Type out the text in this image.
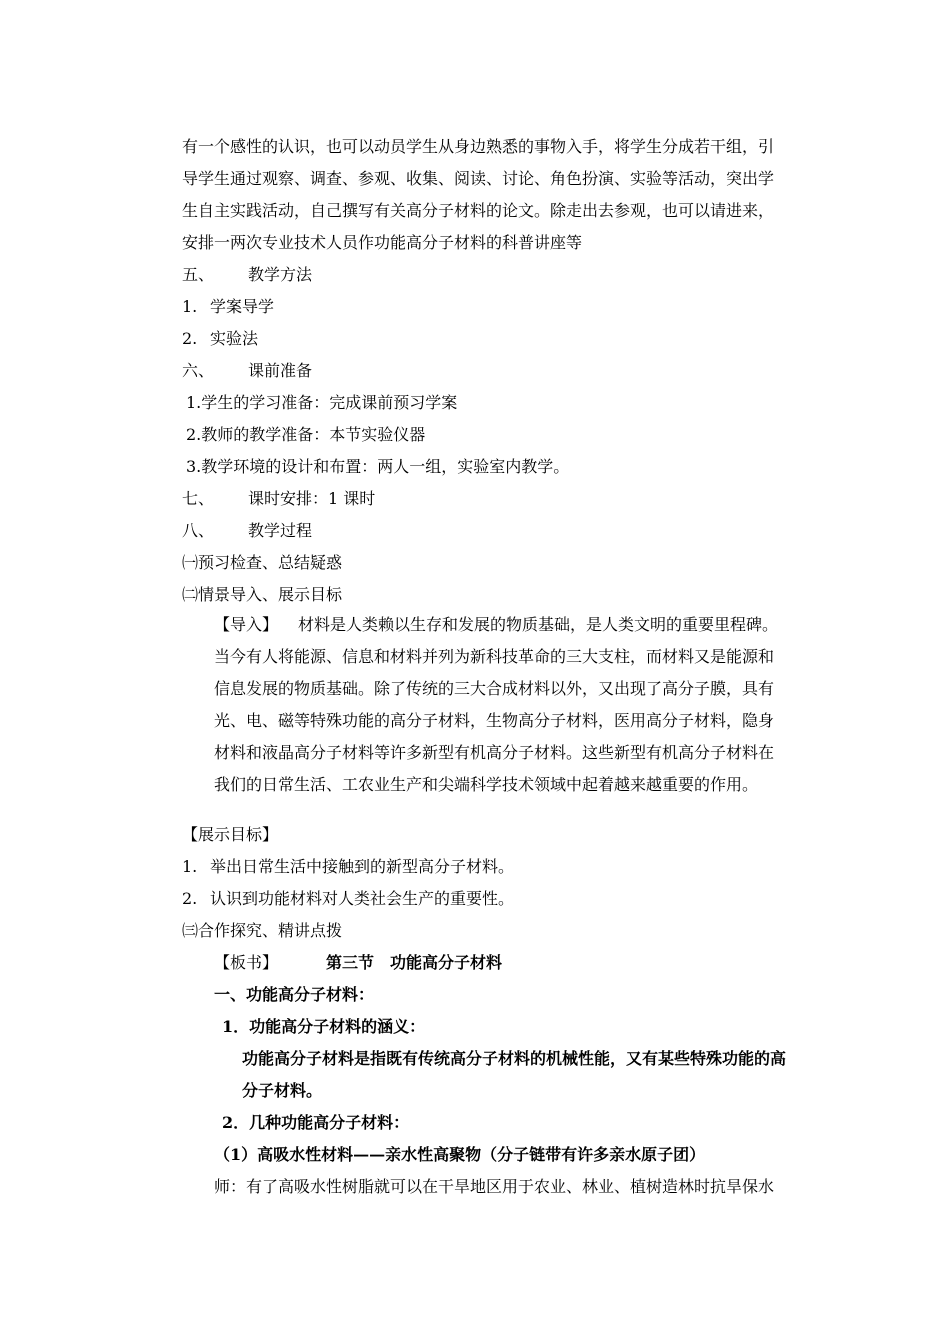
有一个感性的认识，也可以动员学生从身边熟悉的事物入手，将学生分成若干组，引
导学生通过观察、调查、参观、收集、阅读、讨论、角色扮演、实验等活动，突出学
生自主实践活动，自己撰写有关高分子材料的论文。除走出去参观，也可以请进来，
安排一两次专业技术人员作功能高分子材料的科普讲座等
五、 教学方法
1. 学案导学
2. 实验法
六、 课前准备
1.学生的学习准备：完成课前预习学案
2.教师的教学准备：本节实验仪器
3.教学环境的设计和布置：两人一组，实验室内教学。
七、 课时安排：1 课时
八、 教学过程
㈠预习检查、总结疑惑
㈡情景导入、展示目标
【导入】 材料是人类赖以生存和发展的物质基础，是人类文明的重要里程碑。
当今有人将能源、信息和材料并列为新科技革命的三大支柱，而材料又是能源和
信息发展的物质基础。除了传统的三大合成材料以外，又出现了高分子膜，具有
光、电、磁等特殊功能的高分子材料，生物高分子材料，医用高分子材料，隐身
材料和液晶高分子材料等许多新型有机高分子材料。这些新型有机高分子材料在
我们的日常生活、工农业生产和尖端科学技术领域中起着越来越重要的作用。
【展示目标】
1. 举出日常生活中接触到的新型高分子材料。
2. 认识到功能材料对人类社会生产的重要性。
㈢合作探究、精讲点拨
【板书】	第三节　功能高分子材料
一、功能高分子材料：
1．功能高分子材料的涵义：
功能高分子材料是指既有传统高分子材料的机械性能，又有某些特殊功能的高
分子材料。
2．几种功能高分子材料：
（1）高吸水性材料——亲水性高聚物（分子链带有许多亲水原子团）
师：有了高吸水性树脂就可以在干旱地区用于农业、林业、植树造林时抗旱保水
